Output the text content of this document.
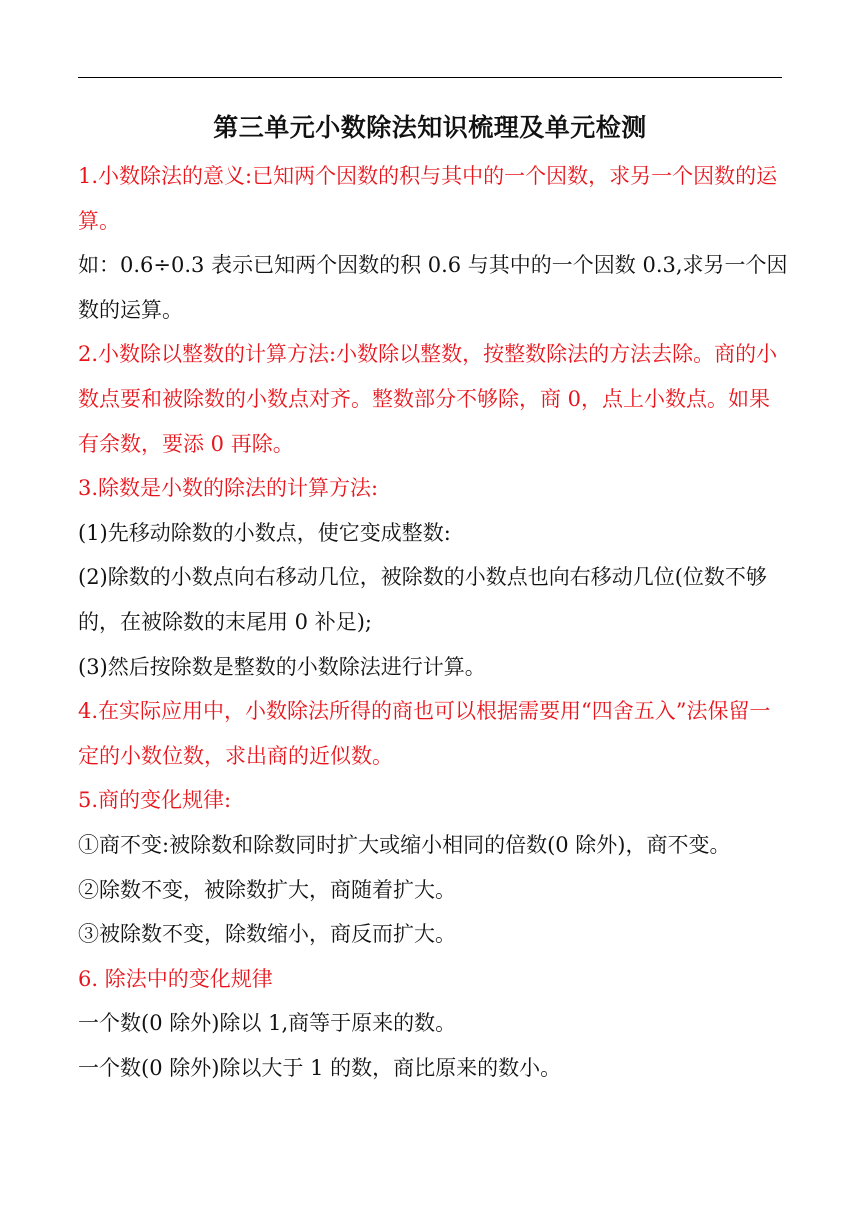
第三单元小数除法知识梳理及单元检测

1.小数除法的意义:已知两个因数的积与其中的一个因数，求另一个因数的运算。

如：0.6÷0.3 表示已知两个因数的积 0.6 与其中的一个因数 0.3,求另一个因数的运算。

2.小数除以整数的计算方法:小数除以整数，按整数除法的方法去除。商的小数点要和被除数的小数点对齐。整数部分不够除，商 0，点上小数点。如果有余数，要添 0 再除。

3.除数是小数的除法的计算方法:

(1)先移动除数的小数点，使它变成整数:

(2)除数的小数点向右移动几位，被除数的小数点也向右移动几位(位数不够的，在被除数的末尾用 0 补足);

(3)然后按除数是整数的小数除法进行计算。

4.在实际应用中，小数除法所得的商也可以根据需要用“四舍五入”法保留一定的小数位数，求出商的近似数。

5.商的变化规律:

①商不变:被除数和除数同时扩大或缩小相同的倍数(0 除外)，商不变。

②除数不变，被除数扩大，商随着扩大。

③被除数不变，除数缩小，商反而扩大。

6. 除法中的变化规律

一个数(0 除外)除以 1,商等于原来的数。

一个数(0 除外)除以大于 1 的数，商比原来的数小。
